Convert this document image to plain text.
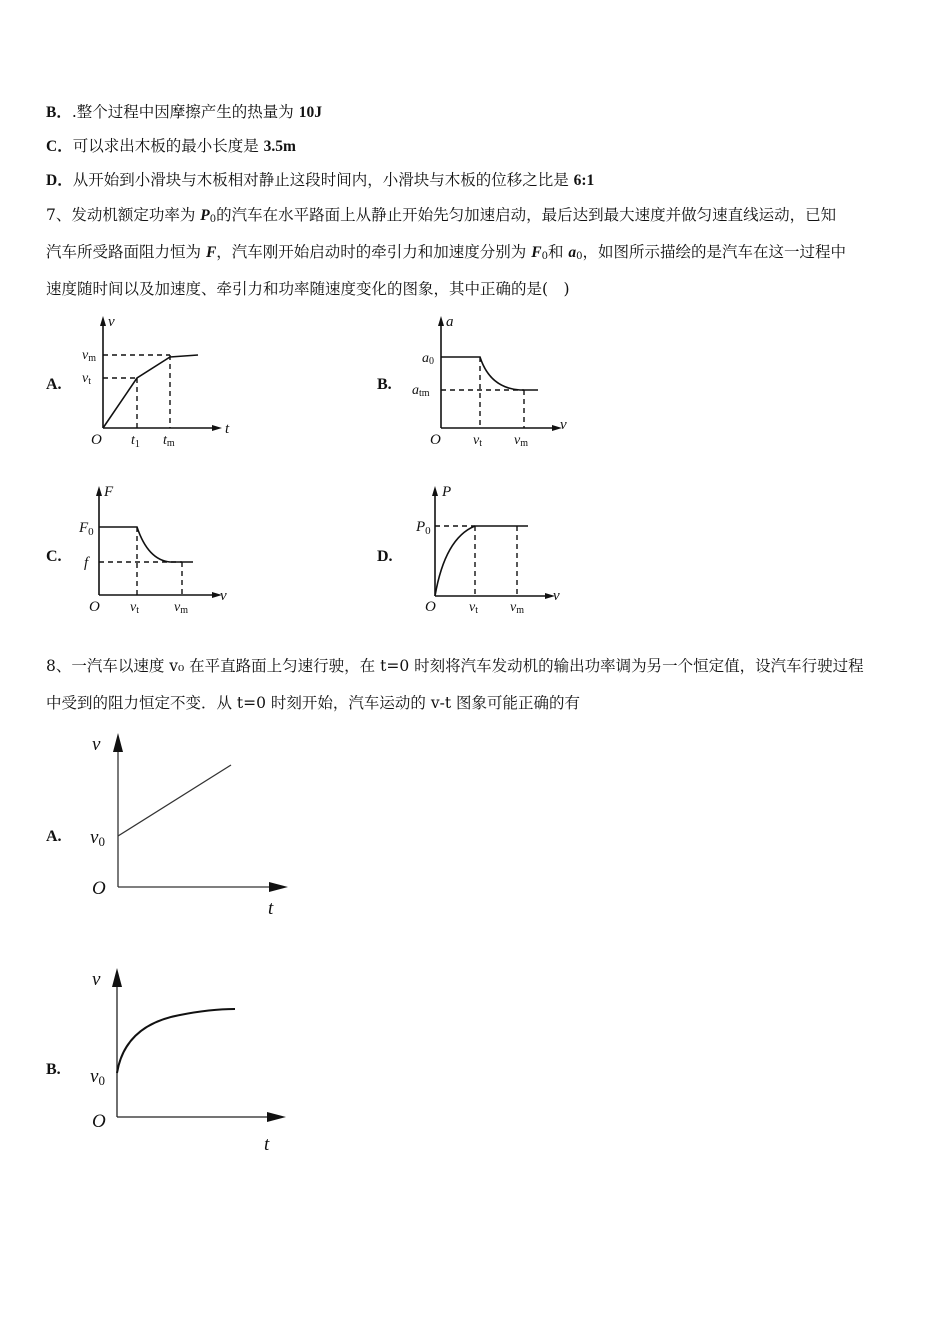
B．.整个过程中因摩擦产生的热量为 10J
C．可以求出木板的最小长度是 3.5m
D．从开始到小滑块与木板相对静止这段时间内，小滑块与木板的位移之比是 6:1
7、发动机额定功率为 $P_0$的汽车在水平路面上从静止开始先匀加速启动，最后达到最大速度并做匀速直线运动，已知
汽车所受路面阻力恒为 F，汽车刚开始启动时的牵引力和加速度分别为 $F_0$和 $a_0$，如图所示描绘的是汽车在这一过程中
速度随时间以及加速度、牵引力和功率随速度变化的图象，其中正确的是(　)
A.
v
t
vm
vt
O $t_1$ tm
B.
a
v
a0
atm
O vt vm
C.
F
v
$F_0$
f
O vt	vm
D.
P
v
$P_0$
O vt vm
8、一汽车以速度 v₀ 在平直路面上匀速行驶，在 t=0 时刻将汽车发动机的输出功率调为另一个恒定值，设汽车行驶过程
中受到的阻力恒定不变．从 t=0 时刻开始，汽车运动的 v-t 图象可能正确的有
A.
v
t
v0
O
B.
v
t
v0
O
